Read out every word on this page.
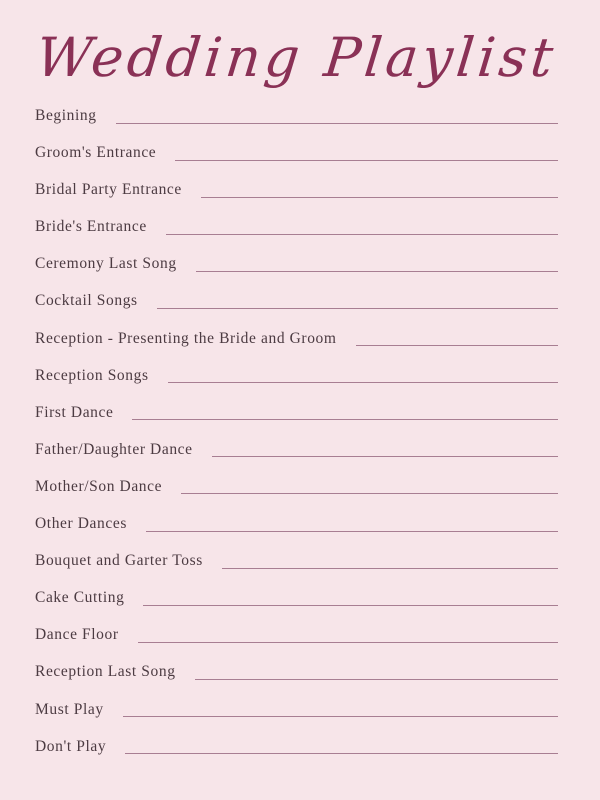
Wedding Playlist
Begining
Groom's Entrance
Bridal Party Entrance
Bride's Entrance
Ceremony Last Song
Cocktail Songs
Reception - Presenting the Bride and Groom
Reception Songs
First Dance
Father/Daughter Dance
Mother/Son Dance
Other Dances
Bouquet and Garter Toss
Cake Cutting
Dance Floor
Reception Last Song
Must Play
Don't Play
